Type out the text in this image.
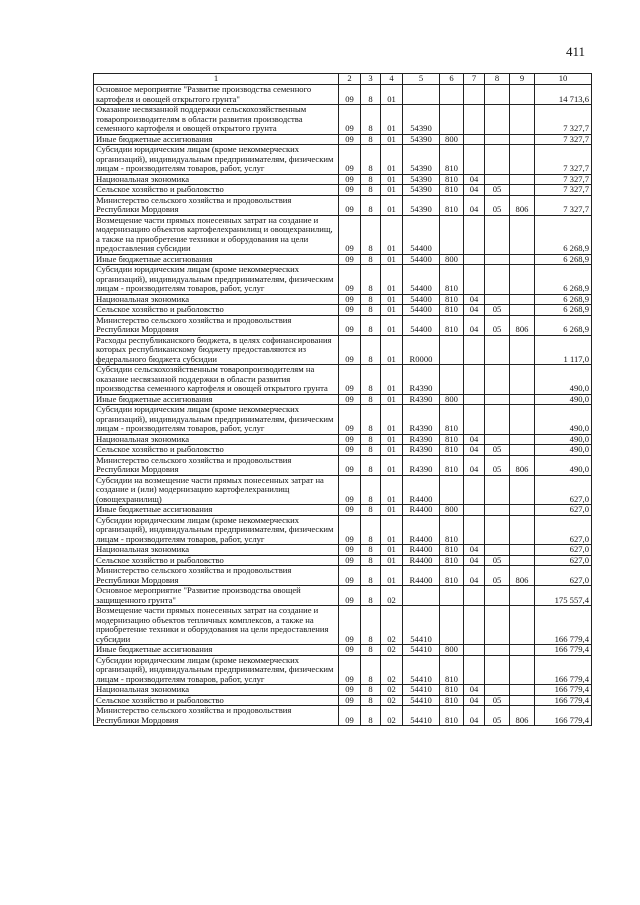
411
1	2	3	4	5	6	7	8	9	10
Основное мероприятие "Развитие производства семенного картофеля и овощей открытого грунта"	09	8	01						14 713,6
Оказание несвязанной поддержки сельскохозяйственным товаропроизводителям в области развития производства семенного картофеля и овощей открытого грунта	09	8	01	54390					7 327,7
Иные бюджетные ассигнования	09	8	01	54390	800				7 327,7
Субсидии юридическим лицам (кроме некоммерческих организаций), индивидуальным предпринимателям, физическим лицам - производителям товаров, работ, услуг	09	8	01	54390	810				7 327,7
Национальная экономика	09	8	01	54390	810	04			7 327,7
Сельское хозяйство и рыболовство	09	8	01	54390	810	04	05		7 327,7
Министерство сельского хозяйства и продовольствия Республики Мордовия	09	8	01	54390	810	04	05	806	7 327,7
Возмещение части прямых понесенных затрат на создание и модернизацию объектов картофелехранилищ и овощехранилищ, а также на приобретение техники и оборудования на цели предоставления субсидии	09	8	01	54400					6 268,9
Иные бюджетные ассигнования	09	8	01	54400	800				6 268,9
Субсидии юридическим лицам (кроме некоммерческих организаций), индивидуальным предпринимателям, физическим лицам - производителям товаров, работ, услуг	09	8	01	54400	810				6 268,9
Национальная экономика	09	8	01	54400	810	04			6 268,9
Сельское хозяйство и рыболовство	09	8	01	54400	810	04	05		6 268,9
Министерство сельского хозяйства и продовольствия Республики Мордовия	09	8	01	54400	810	04	05	806	6 268,9
Расходы республиканского бюджета, в целях софинансирования которых республиканскому бюджету предоставляются из федерального бюджета субсидии	09	8	01	R0000					1 117,0
Субсидии сельскохозяйственным товаропроизводителям на оказание несвязанной поддержки в области развития производства семенного картофеля и овощей открытого грунта	09	8	01	R4390					490,0
Иные бюджетные ассигнования	09	8	01	R4390	800				490,0
Субсидии юридическим лицам (кроме некоммерческих организаций), индивидуальным предпринимателям, физическим лицам - производителям товаров, работ, услуг	09	8	01	R4390	810				490,0
Национальная экономика	09	8	01	R4390	810	04			490,0
Сельское хозяйство и рыболовство	09	8	01	R4390	810	04	05		490,0
Министерство сельского хозяйства и продовольствия Республики Мордовия	09	8	01	R4390	810	04	05	806	490,0
Субсидии на возмещение части прямых понесенных затрат на создание и (или) модернизацию картофелехранилищ (овощехранилищ)	09	8	01	R4400					627,0
Иные бюджетные ассигнования	09	8	01	R4400	800				627,0
Субсидии юридическим лицам (кроме некоммерческих организаций), индивидуальным предпринимателям, физическим лицам - производителям товаров, работ, услуг	09	8	01	R4400	810				627,0
Национальная экономика	09	8	01	R4400	810	04			627,0
Сельское хозяйство и рыболовство	09	8	01	R4400	810	04	05		627,0
Министерство сельского хозяйства и продовольствия Республики Мордовия	09	8	01	R4400	810	04	05	806	627,0
Основное мероприятие "Развитие производства овощей защищенного грунта"	09	8	02						175 557,4
Возмещение части прямых понесенных затрат на создание и модернизацию объектов тепличных комплексов, а также на приобретение техники и оборудования на цели предоставления субсидии	09	8	02	54410					166 779,4
Иные бюджетные ассигнования	09	8	02	54410	800				166 779,4
Субсидии юридическим лицам (кроме некоммерческих организаций), индивидуальным предпринимателям, физическим лицам - производителям товаров, работ, услуг	09	8	02	54410	810				166 779,4
Национальная экономика	09	8	02	54410	810	04			166 779,4
Сельское хозяйство и рыболовство	09	8	02	54410	810	04	05		166 779,4
Министерство сельского хозяйства и продовольствия Республики Мордовия	09	8	02	54410	810	04	05	806	166 779,4
